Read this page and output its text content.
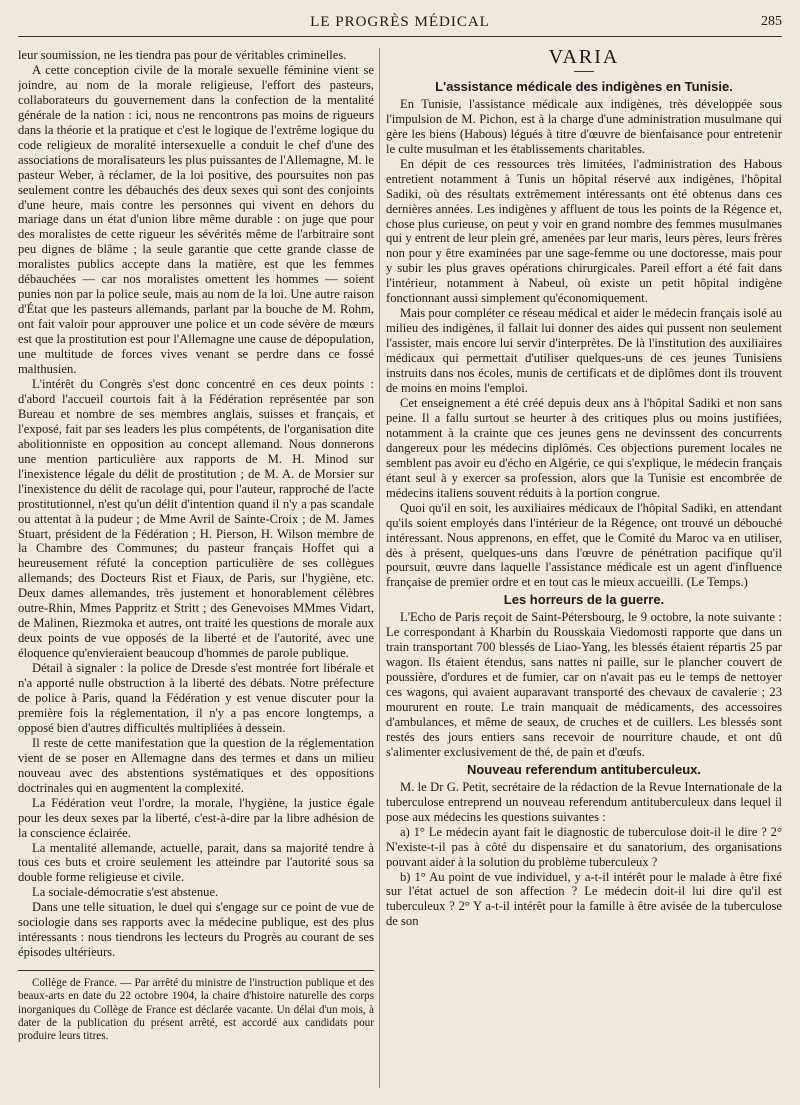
LE PROGRÈS MÉDICAL	285

leur soumission, ne les tiendra pas pour de véritables criminelles.

A cette conception civile de la morale sexuelle féminine vient se joindre, au nom de la morale religieuse, l'effort des pasteurs, collaborateurs du gouvernement dans la confection de la mentalité générale de la nation : ici, nous ne rencontrons pas moins de rigueurs dans la théorie et la pratique et c'est le logique de l'extrême logique du code religieux de moralité intersexuelle a conduit le chef d'une des associations de moralisateurs les plus puissantes de l'Allemagne, M. le pasteur Weber, à réclamer, de la loi positive, des poursuites non pas seulement contre les débauchés des deux sexes qui sont des conjoints d'une heure, mais contre les personnes qui vivent en dehors du mariage dans un état d'union libre même durable : on juge que pour des moralistes de cette rigueur les sévérités même de l'arbitraire sont peu dignes de blâme ; la seule garantie que cette grande classe de moralistes publics accepte dans la matière, est que les femmes débauchées — car nos moralistes omettent les hommes — soient punies non par la police seule, mais au nom de la loi. Une autre raison d'État que les pasteurs allemands, parlant par la bouche de M. Rohm, ont fait valoir pour approuver une police et un code sévère de mœurs est que la prostitution est pour l'Allemagne une cause de dépopulation, une multitude de forces vives venant se perdre dans ce fossé malthusien.

L'intérêt du Congrès s'est donc concentré en ces deux points : d'abord l'accueil courtois fait à la Fédération représentée par son Bureau et nombre de ses membres anglais, suisses et français, et l'exposé, fait par ses leaders les plus compétents, de l'organisation dite abolitionniste en opposition au concept allemand. Nous donnerons une mention particulière aux rapports de M. H. Minod sur l'inexistence légale du délit de prostitution ; de M. A. de Morsier sur l'inexistence du délit de racolage qui, pour l'auteur, rapproché de l'acte prostitutionnel, n'est qu'un délit d'intention quand il n'y a pas scandale ou attentat à la pudeur ; de Mme Avril de Sainte-Croix ; de M. James Stuart, président de la Fédération ; H. Pierson, H. Wilson membre de la Chambre des Communes; du pasteur français Hoffet qui a heureusement réfuté la conception particulière de ses collègues allemands; des Docteurs Rist et Fiaux, de Paris, sur l'hygiène, etc. Deux dames allemandes, très justement et honorablement célèbres outre-Rhin, Mmes Pappritz et Stritt ; des Genevoises MMmes Vidart, de Malinen, Riezmoka et autres, ont traité les questions de morale aux deux points de vue opposés de la liberté et de l'autorité, avec une éloquence qu'envieraient beaucoup d'hommes de parole publique.

Détail à signaler : la police de Dresde s'est montrée fort libérale et n'a apporté nulle obstruction à la liberté des débats. Notre préfecture de police à Paris, quand la Fédération y est venue discuter pour la première fois la réglementation, il n'y a pas encore longtemps, a opposé bien d'autres difficultés multipliées à dessein.

Il reste de cette manifestation que la question de la réglementation vient de se poser en Allemagne dans des termes et dans un milieu nouveau avec des abstentions systématiques et des oppositions doctrinales qui en augmentent la complexité.

La Fédération veut l'ordre, la morale, l'hygiène, la justice égale pour les deux sexes par la liberté, c'est-à-dire par la libre adhésion de la conscience éclairée.

La mentalité allemande, actuelle, parait, dans sa majorité tendre à tous ces buts et croire seulement les atteindre par l'autorité sous sa double forme religieuse et civile.

La sociale-démocratie s'est abstenue.

Dans une telle situation, le duel qui s'engage sur ce point de vue de sociologie dans ses rapports avec la médecine publique, est des plus intéressants : nous tiendrons les lecteurs du Progrès au courant de ses épisodes ultérieurs.

Collège de France. — Par arrêté du ministre de l'instruction publique et des beaux-arts en date du 22 octobre 1904, la chaire d'histoire naturelle des corps inorganiques du Collège de France est déclarée vacante. Un délai d'un mois, à dater de la publication du présent arrêté, est accordé aux candidats pour produire leurs titres.

VARIA
L'assistance médicale des indigènes en Tunisie.

En Tunisie, l'assistance médicale aux indigènes, très développée sous l'impulsion de M. Pichon, est à la charge d'une administration musulmane qui gère les biens (Habous) légués à titre d'œuvre de bienfaisance pour entretenir le culte musulman et les établissements charitables.

En dépit de ces ressources très limitées, l'administration des Habous entretient notamment à Tunis un hôpital réservé aux indigènes, l'hôpital Sadiki, où des résultats extrêmement intéressants ont été obtenus dans ces dernières années. Les indigènes y affluent de tous les points de la Régence et, chose plus curieuse, on peut y voir en grand nombre des femmes musulmanes qui y entrent de leur plein gré, amenées par leur maris, leurs pères, leurs frères non pour y être examinées par une sage-femme ou une doctoresse, mais pour y subir les plus graves opérations chirurgicales. Pareil effort a été fait dans l'intérieur, notamment à Nabeul, où existe un petit hôpital indigène fonctionnant aussi simplement qu'économiquement.

Mais pour compléter ce réseau médical et aider le médecin français isolé au milieu des indigènes, il fallait lui donner des aides qui pussent non seulement l'assister, mais encore lui servir d'interprètes. De là l'institution des auxiliaires médicaux qui permettait d'utiliser quelques-uns de ces jeunes Tunisiens instruits dans nos écoles, munis de certificats et de diplômes dont ils trouvent de moins en moins l'emploi.

Cet enseignement a été créé depuis deux ans à l'hôpital Sadiki et non sans peine. Il a fallu surtout se heurter à des critiques plus ou moins justifiées, notamment à la crainte que ces jeunes gens ne devinssent des concurrents dangereux pour les médecins diplômés. Ces objections purement locales ne semblent pas avoir eu d'écho en Algérie, ce qui s'explique, le médecin français étant seul à y exercer sa profession, alors que la Tunisie est encombrée de médecins italiens souvent réduits à la portion congrue.

Quoi qu'il en soit, les auxiliaires médicaux de l'hôpital Sadiki, en attendant qu'ils soient employés dans l'intérieur de la Régence, ont trouvé un débouché intéressant. Nous apprenons, en effet, que le Comité du Maroc va en utiliser, dès à présent, quelques-uns dans l'œuvre de pénétration pacifique qu'il poursuit, œuvre dans laquelle l'assistance médicale est un agent d'influence française de premier ordre et en tout cas le mieux accueilli. (Le Temps.)

Les horreurs de la guerre.

L'Echo de Paris reçoit de Saint-Pétersbourg, le 9 octobre, la note suivante : Le correspondant à Kharbin du Rousskaia Viedomosti rapporte que dans un train transportant 700 blessés de Liao-Yang, les blessés étaient répartis 25 par wagon. Ils étaient étendus, sans nattes ni paille, sur le plancher couvert de poussière, d'ordures et de fumier, car on n'avait pas eu le temps de nettoyer ces wagons, qui avaient auparavant transporté des chevaux de cavalerie ; 23 moururent en route. Le train manquait de médicaments, des accessoires d'ambulances, et même de seaux, de cruches et de cuillers. Les blessés sont restés des jours entiers sans recevoir de nourriture chaude, et ont dû s'alimenter exclusivement de thé, de pain et d'œufs.

Nouveau referendum antituberculeux.

M. le Dr G. Petit, secrétaire de la rédaction de la Revue Internationale de la tuberculose entreprend un nouveau referendum antituberculeux dans lequel il pose aux médecins les questions suivantes :

a) 1° Le médecin ayant fait le diagnostic de tuberculose doit-il le dire ? 2° N'existe-t-il pas à côté du dispensaire et du sanatorium, des organisations pouvant aider à la solution du problème tuberculeux ?

b) 1° Au point de vue individuel, y a-t-il intérêt pour le malade à être fixé sur l'état actuel de son affection ? Le médecin doit-il lui dire qu'il est tuberculeux ? 2° Y a-t-il intérêt pour la famille à être avisée de la tuberculose de son
